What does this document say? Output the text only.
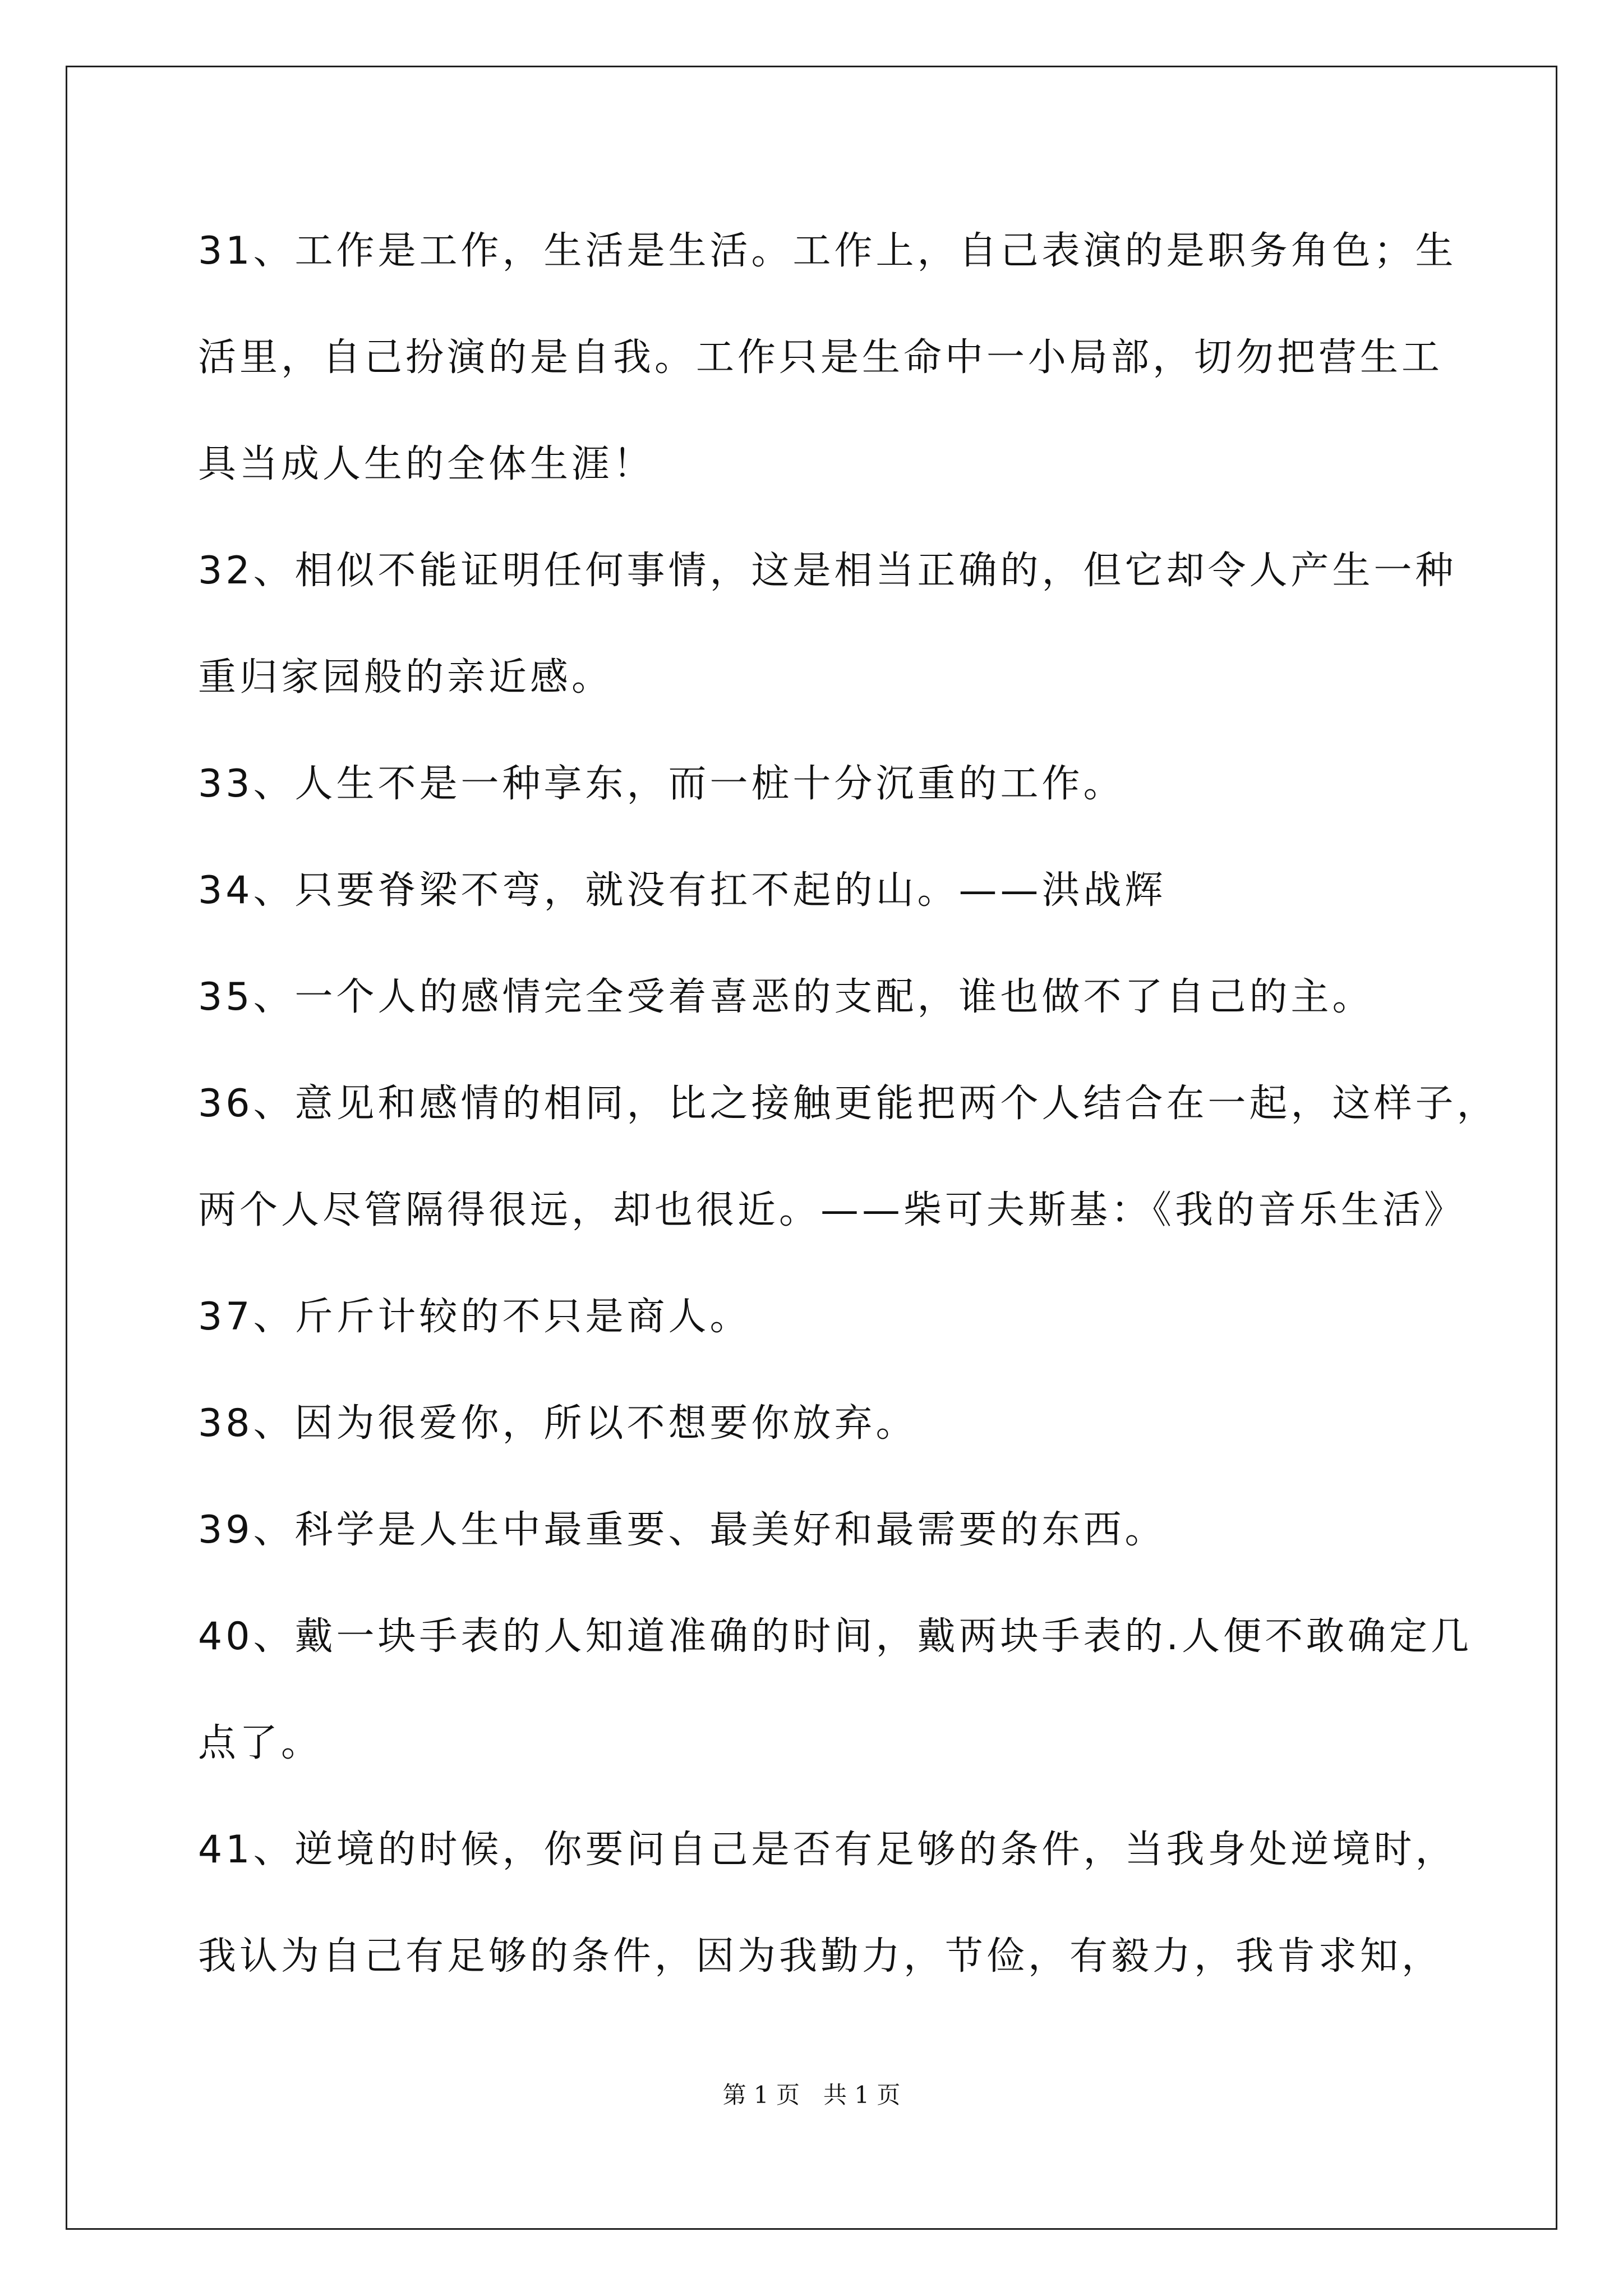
31、工作是工作，生活是生活。工作上，自己表演的是职务角色；生
活里，自己扮演的是自我。工作只是生命中一小局部，切勿把营生工
具当成人生的全体生涯！
32、相似不能证明任何事情，这是相当正确的，但它却令人产生一种
重归家园般的亲近感。
33、人生不是一种享东，而一桩十分沉重的工作。
34、只要脊梁不弯，就没有扛不起的山。——洪战辉
35、一个人的感情完全受着喜恶的支配，谁也做不了自己的主。
36、意见和感情的相同，比之接触更能把两个人结合在一起，这样子，
两个人尽管隔得很远，却也很近。——柴可夫斯基：《我的音乐生活》
37、斤斤计较的不只是商人。
38、因为很爱你，所以不想要你放弃。
39、科学是人生中最重要、最美好和最需要的东西。
40、戴一块手表的人知道准确的时间，戴两块手表的.人便不敢确定几
点了。
41、逆境的时候，你要问自己是否有足够的条件，当我身处逆境时，
我认为自己有足够的条件，因为我勤力，节俭，有毅力，我肯求知，
第 1 页　共 1 页
